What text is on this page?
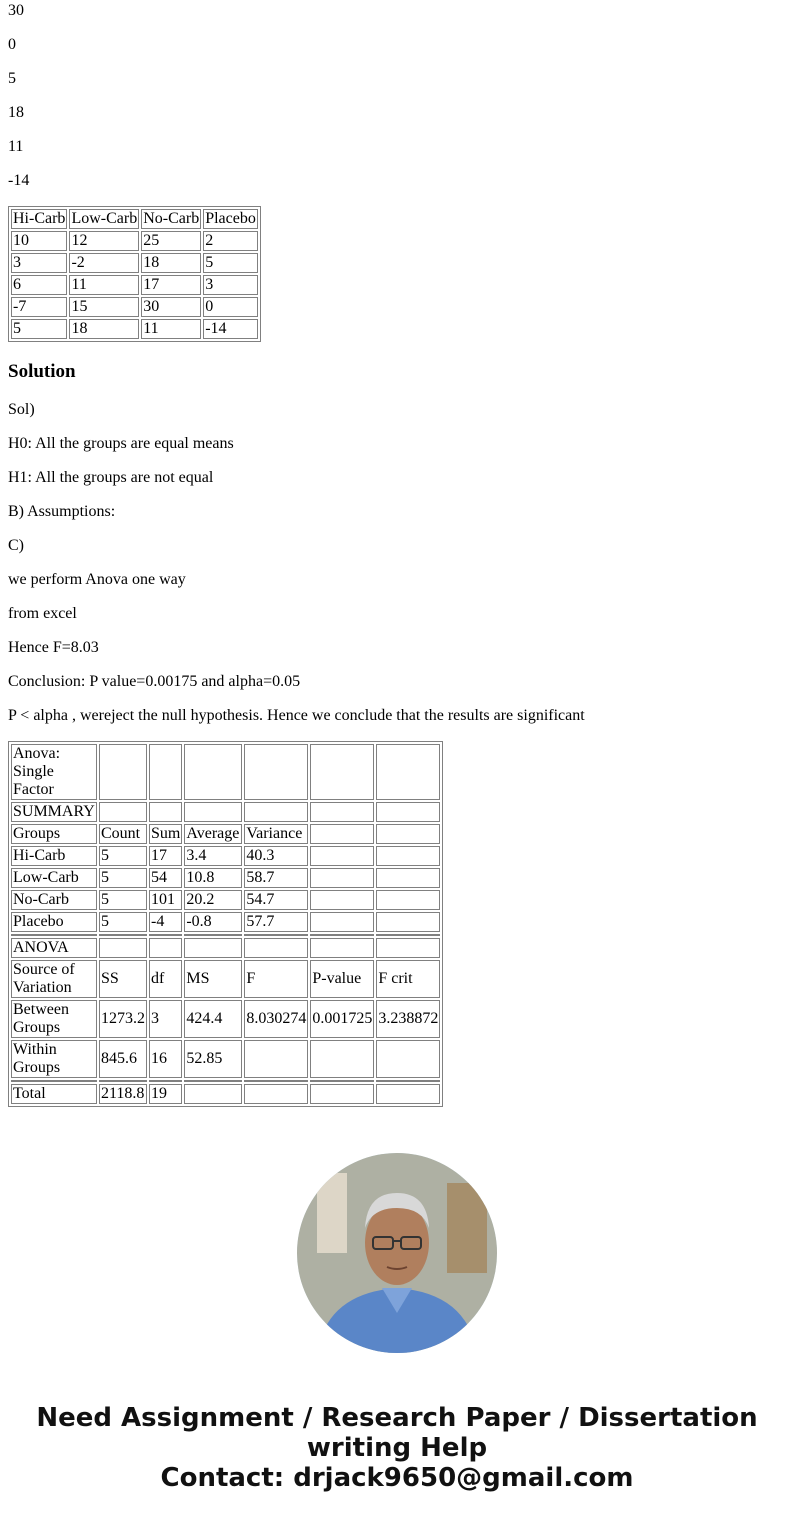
30
0
5
18
11
-14
Hi-Carb	Low-Carb	No-Carb	Placebo
10	12	25	2
3	-2	18	5
6	11	17	3
-7	15	30	0
5	18	11	-14
Solution
Sol)
H0: All the groups are equal means
H1: All the groups are not equal
B) Assumptions:
C)
we perform Anova one way
from excel
Hence F=8.03
Conclusion: P value=0.00175 and alpha=0.05
P < alpha , wereject the null hypothesis. Hence we conclude that the results are significant
Anova: Single Factor						
SUMMARY						
Groups	Count	Sum	Average	Variance		
Hi-Carb	5	17	3.4	40.3		
Low-Carb	5	54	10.8	58.7		
No-Carb	5	101	20.2	54.7		
Placebo	5	-4	-0.8	57.7		

ANOVA						
Source of Variation	SS	df	MS	F	P-value	F crit
Between Groups	1273.2	3	424.4	8.030274	0.001725	3.238872
Within Groups	845.6	16	52.85			

Total	2118.8	19				
Need Assignment / Research Paper / Dissertation
writing Help
Contact: drjack9650@gmail.com
